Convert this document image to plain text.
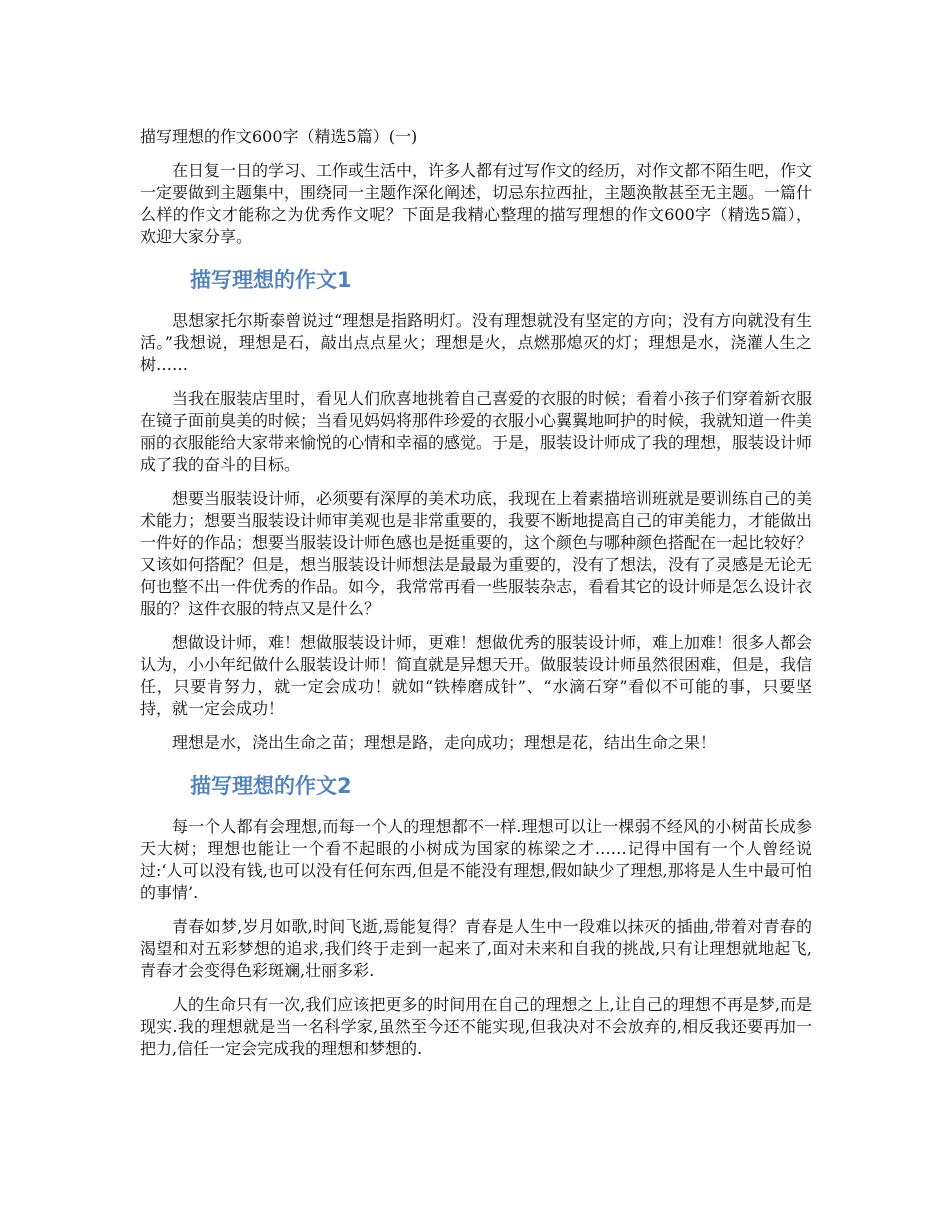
描写理想的作文600字（精选5篇）(一)

在日复一日的学习、工作或生活中，许多人都有过写作文的经历，对作文都不陌生吧，作文一定要做到主题集中，围绕同一主题作深化阐述，切忌东拉西扯，主题涣散甚至无主题。一篇什么样的作文才能称之为优秀作文呢？下面是我精心整理的描写理想的作文600字（精选5篇），欢迎大家分享。

描写理想的作文1

思想家托尔斯泰曾说过“理想是指路明灯。没有理想就没有坚定的方向；没有方向就没有生活。”我想说，理想是石，敲出点点星火；理想是火，点燃那熄灭的灯；理想是水，浇灌人生之树……

当我在服装店里时，看见人们欣喜地挑着自己喜爱的衣服的时候；看着小孩子们穿着新衣服在镜子面前臭美的时候；当看见妈妈将那件珍爱的衣服小心翼翼地呵护的时候，我就知道一件美丽的衣服能给大家带来愉悦的心情和幸福的感觉。于是，服装设计师成了我的理想，服装设计师成了我的奋斗的目标。

想要当服装设计师，必须要有深厚的美术功底，我现在上着素描培训班就是要训练自己的美术能力；想要当服装设计师审美观也是非常重要的，我要不断地提高自己的审美能力，才能做出一件好的作品；想要当服装设计师色感也是挺重要的，这个颜色与哪种颜色搭配在一起比较好？又该如何搭配？但是，想当服装设计师想法是最最为重要的，没有了想法，没有了灵感是无论无何也整不出一件优秀的作品。如今，我常常再看一些服装杂志，看看其它的设计师是怎么设计衣服的？这件衣服的特点又是什么？

想做设计师，难！想做服装设计师，更难！想做优秀的服装设计师，难上加难！很多人都会认为，小小年纪做什么服装设计师！简直就是异想天开。做服装设计师虽然很困难，但是，我信任，只要肯努力，就一定会成功！就如“铁棒磨成针”、“水滴石穿”看似不可能的事，只要坚持，就一定会成功！

理想是水，浇出生命之苗；理想是路，走向成功；理想是花，结出生命之果！

描写理想的作文2

每一个人都有会理想,而每一个人的理想都不一样.理想可以让一棵弱不经风的小树苗长成参天大树；理想也能让一个看不起眼的小树成为国家的栋梁之才……记得中国有一个人曾经说过:‘人可以没有钱,也可以没有任何东西,但是不能没有理想,假如缺少了理想,那将是人生中最可怕的事情’.

青春如梦,岁月如歌,时间飞逝,焉能复得？青春是人生中一段难以抹灭的插曲,带着对青春的渴望和对五彩梦想的追求,我们终于走到一起来了,面对未来和自我的挑战,只有让理想就地起飞,青春才会变得色彩斑斓,壮丽多彩.

人的生命只有一次,我们应该把更多的时间用在自己的理想之上,让自己的理想不再是梦,而是现实.我的理想就是当一名科学家,虽然至今还不能实现,但我决对不会放弃的,相反我还要再加一把力,信任一定会完成我的理想和梦想的.
